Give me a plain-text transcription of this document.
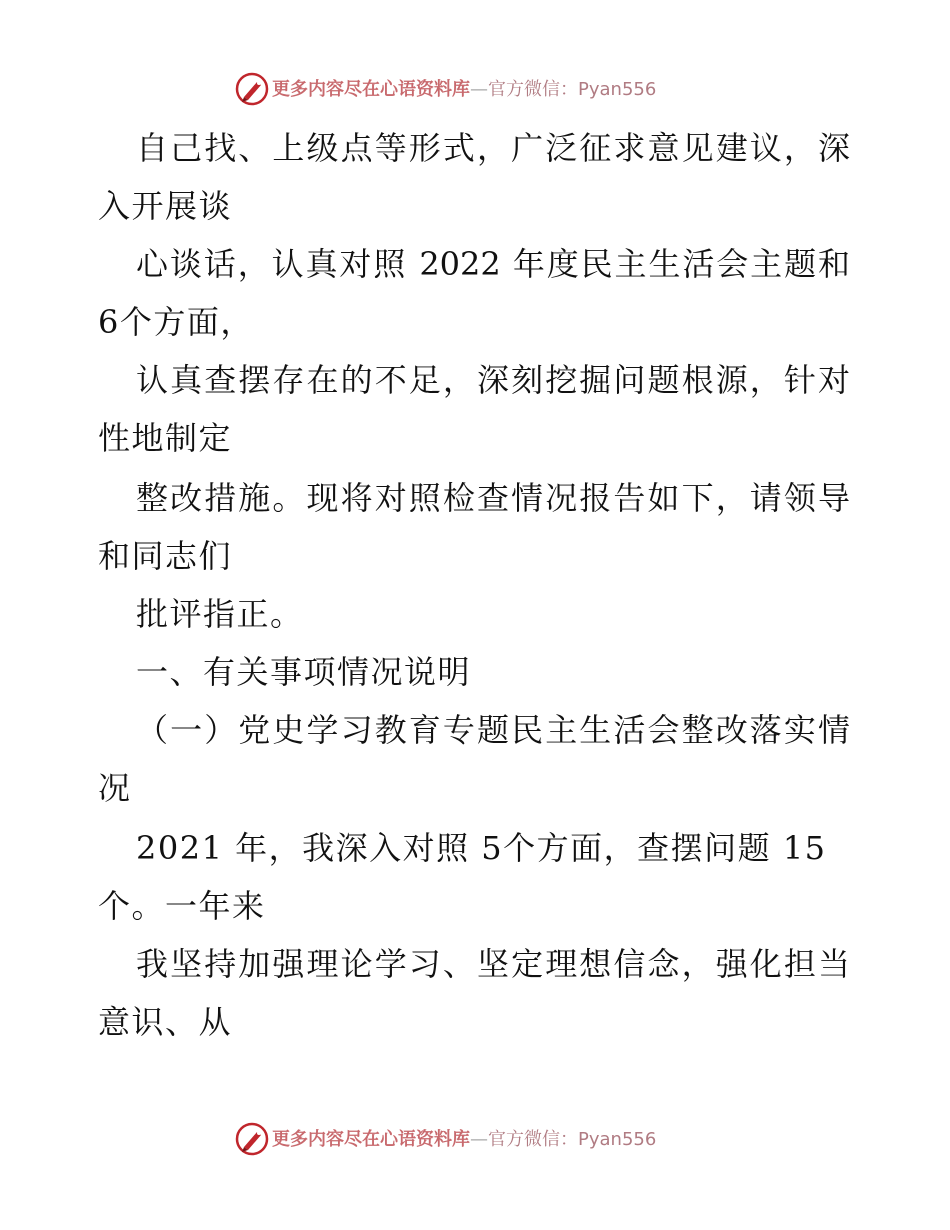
更多内容尽在心语资料库—官方微信：Pyan556
自己找、上级点等形式，广泛征求意见建议，深
入开展谈
心谈话，认真对照 2022 年度民主生活会主题和
6个方面，
认真查摆存在的不足，深刻挖掘问题根源，针对
性地制定
整改措施。现将对照检查情况报告如下，请领导
和同志们
批评指正。
一、有关事项情况说明
（一）党史学习教育专题民主生活会整改落实情
况
2021 年，我深入对照 5个方面，查摆问题 15
个。一年来
我坚持加强理论学习、坚定理想信念，强化担当
意识、从
更多内容尽在心语资料库—官方微信：Pyan556
